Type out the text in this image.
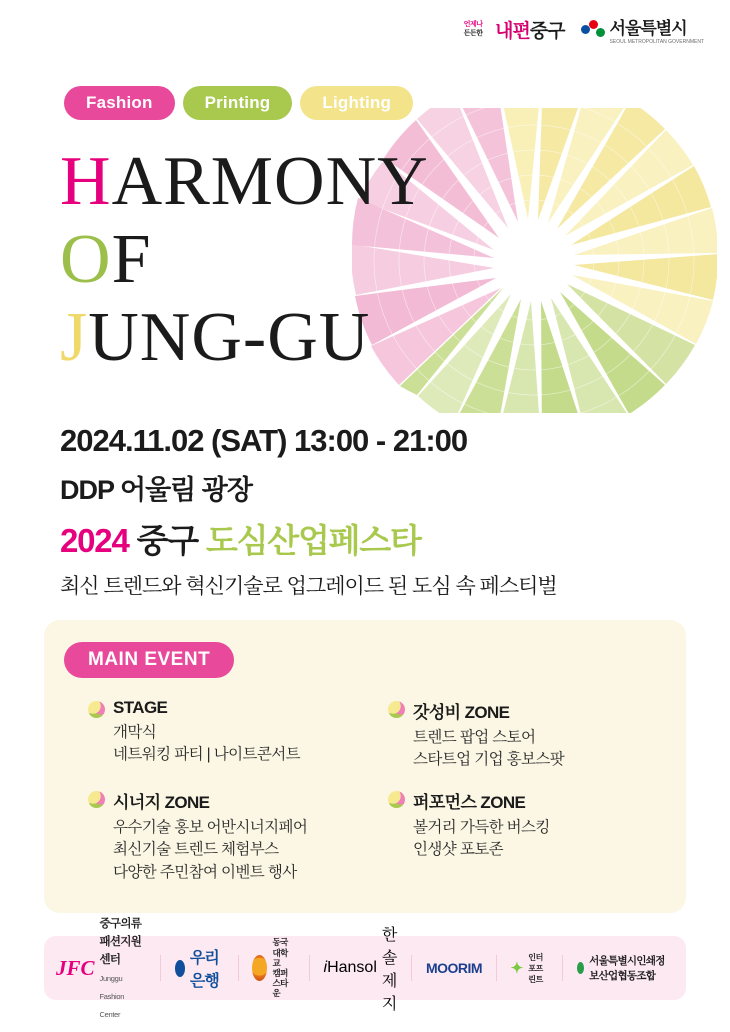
언제나
든든한 내편중구	서울특별시
SEOUL METROPOLITAN GOVERNMENT
Fashion	Printing	Lighting
HARMONY
OF
JUNG-GU
2024.11.02 (SAT) 13:00 - 21:00
DDP 어울림 광장
2024 중구 도심산업페스타
최신 트렌드와 혁신기술로 업그레이드 된 도심 속 페스티벌
MAIN EVENT
STAGE
개막식
네트워킹 파티 | 나이트콘서트
갓성비 ZONE
트렌드 팝업 스토어
스타트업 기업 홍보스팟
시너지 ZONE
우수기술 홍보 어반시너지페어
최신기술 트렌드 체험부스
다양한 주민참여 이벤트 행사
퍼포먼스 ZONE
볼거리 가득한 버스킹
인생샷 포토존
JFC
중구의류패션지원센터
Junggu Fashion Center
우리은행
동국대학교
캠퍼스타운
iHansol
한솔제지
MOORIM ✦
인터포프린트
서울특별시인쇄정보산업협동조합
